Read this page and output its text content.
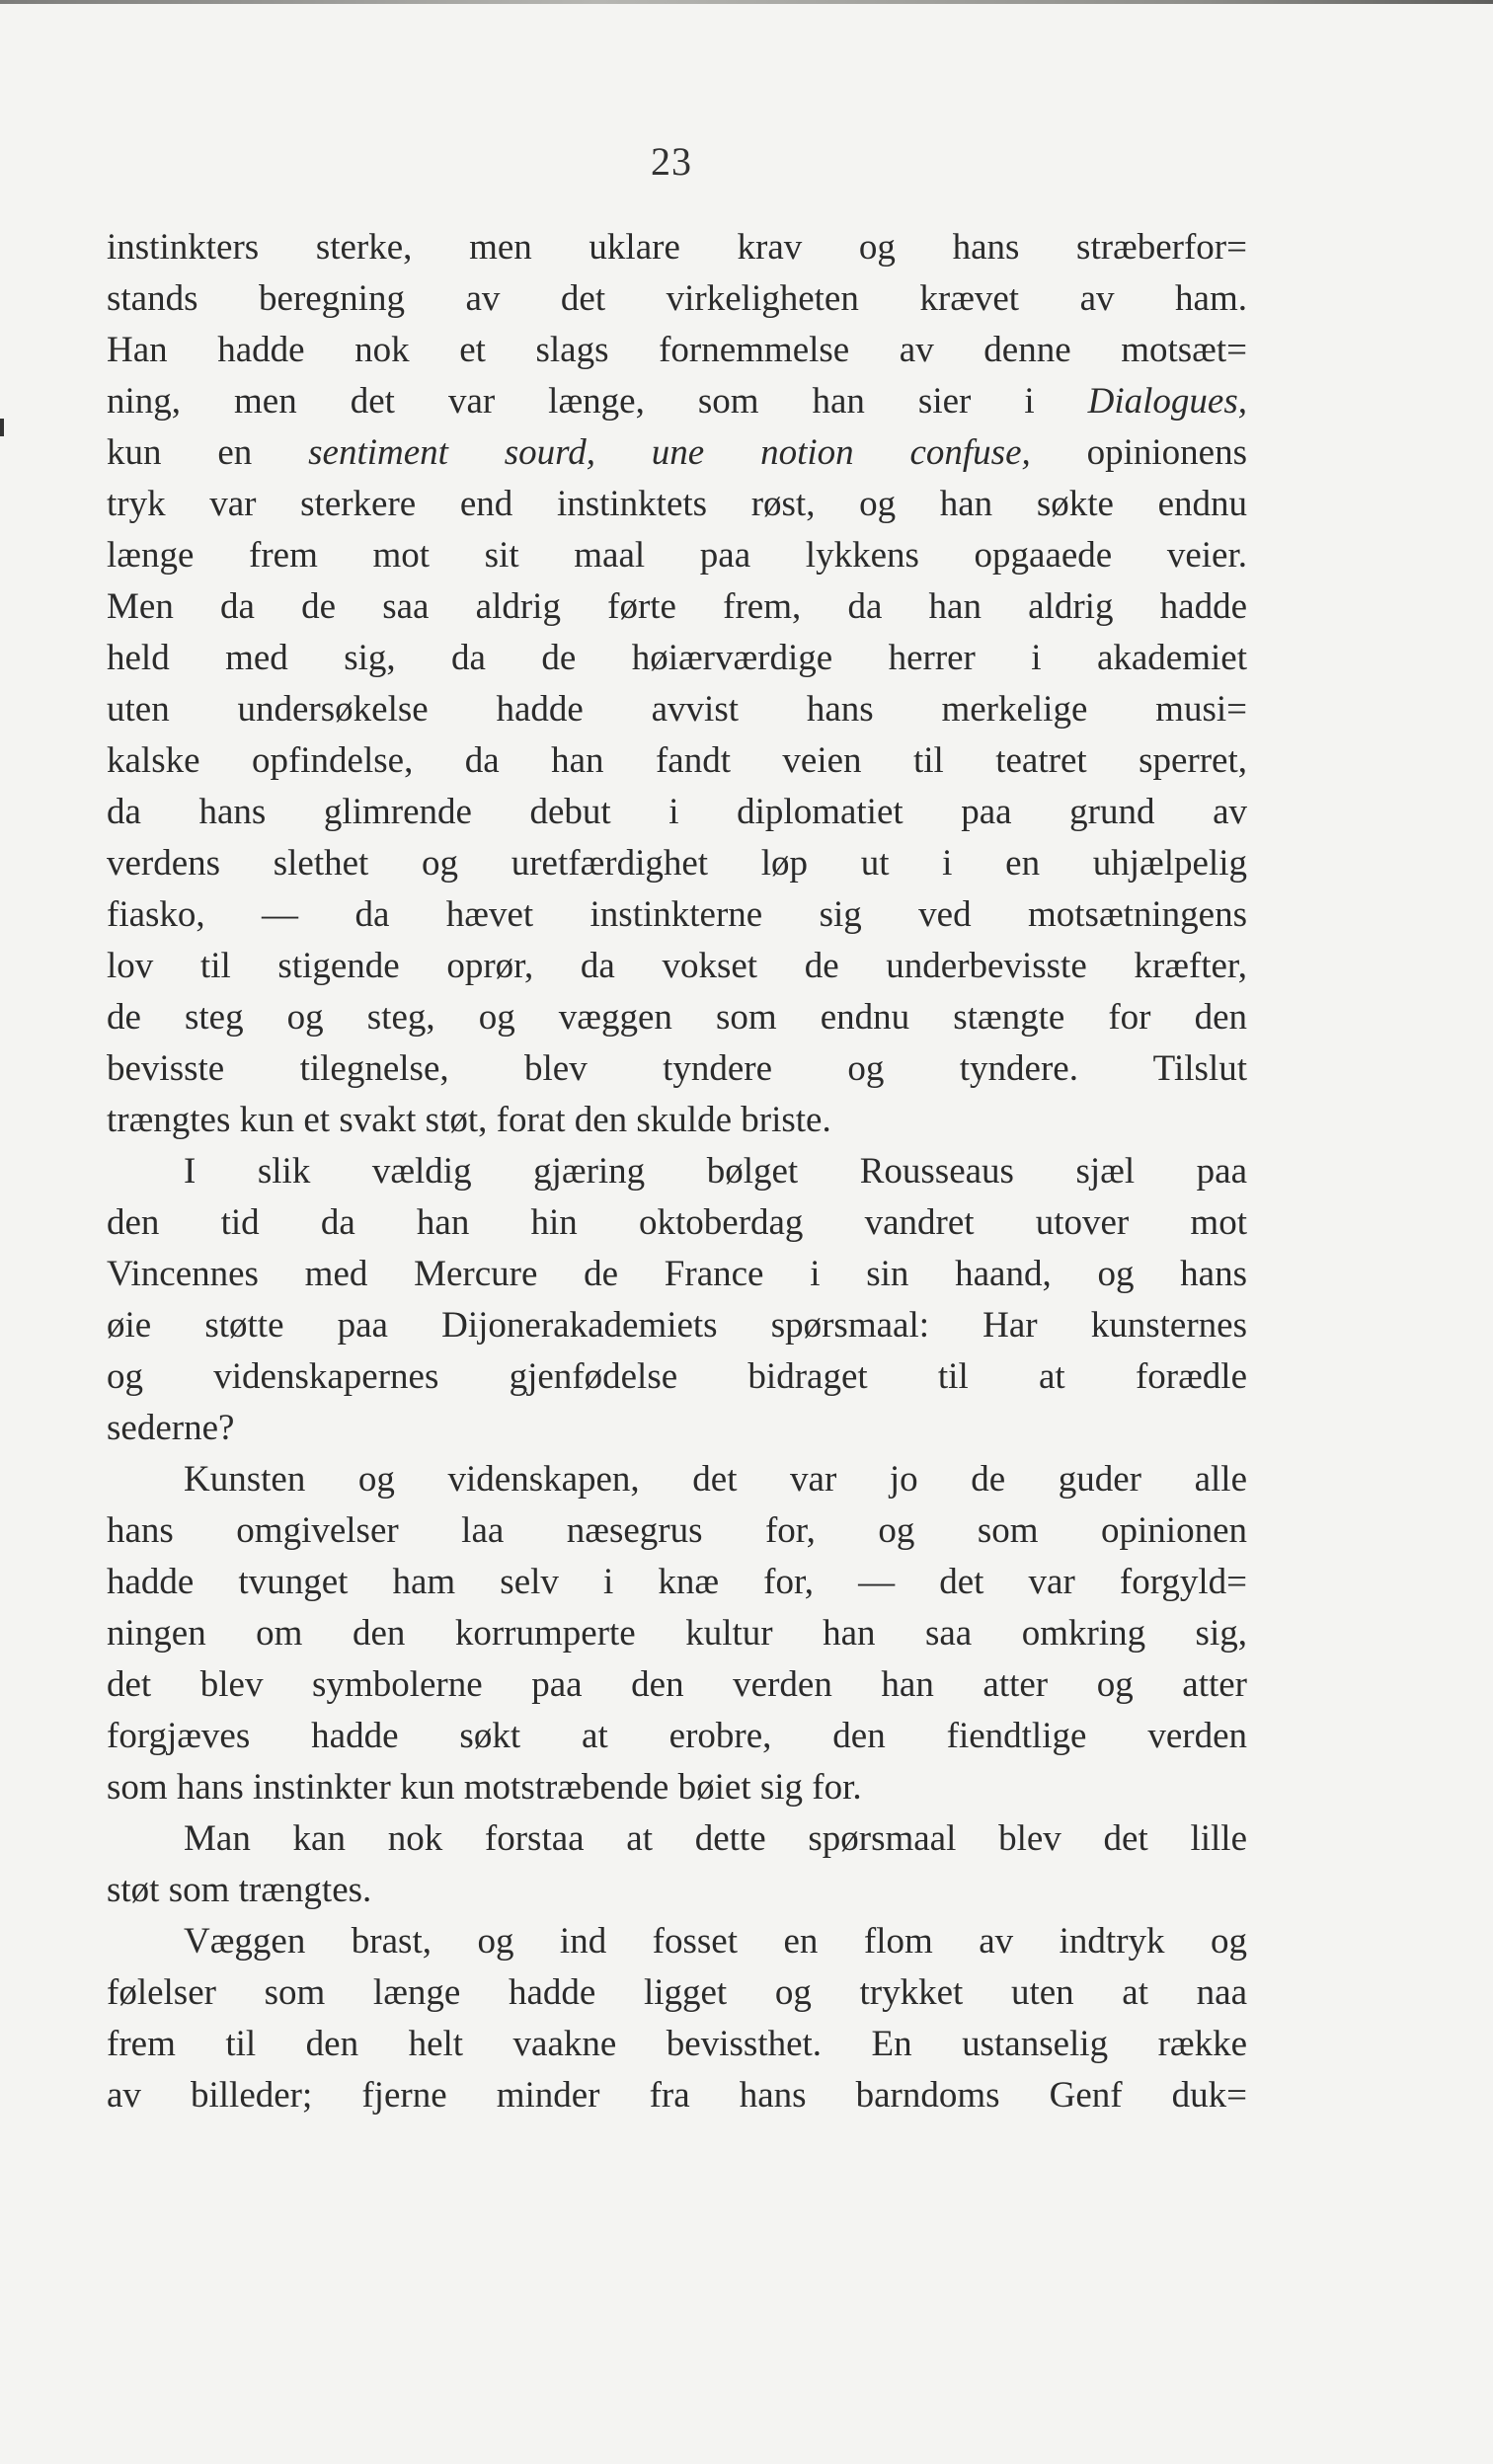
23
instinkters sterke, men uklare krav og hans stræberfor=
stands beregning av det virkeligheten krævet av ham.
Han hadde nok et slags fornemmelse av denne motsæt=
ning, men det var længe, som han sier i Dialogues,
kun en sentiment sourd, une notion confuse, opinionens
tryk var sterkere end instinktets røst, og han søkte endnu
længe frem mot sit maal paa lykkens opgaaede veier.
Men da de saa aldrig førte frem, da han aldrig hadde
held med sig, da de høiærværdige herrer i akademiet
uten undersøkelse hadde avvist hans merkelige musi=
kalske opfindelse, da han fandt veien til teatret sperret,
da hans glimrende debut i diplomatiet paa grund av
verdens slethet og uretfærdighet løp ut i en uhjælpelig
fiasko, — da hævet instinkterne sig ved motsætningens
lov til stigende oprør, da vokset de underbevisste kræfter,
de steg og steg, og væggen som endnu stængte for den
bevisste tilegnelse, blev tyndere og tyndere. Tilslut
trængtes kun et svakt støt, forat den skulde briste.
I slik vældig gjæring bølget Rousseaus sjæl paa
den tid da han hin oktoberdag vandret utover mot
Vincennes med Mercure de France i sin haand, og hans
øie støtte paa Dijonerakademiets spørsmaal: Har kunsternes
og videnskapernes gjenfødelse bidraget til at forædle
sederne?
Kunsten og videnskapen, det var jo de guder alle
hans omgivelser laa næsegrus for, og som opinionen
hadde tvunget ham selv i knæ for, — det var forgyld=
ningen om den korrumperte kultur han saa omkring sig,
det blev symbolerne paa den verden han atter og atter
forgjæves hadde søkt at erobre, den fiendtlige verden
som hans instinkter kun motstræbende bøiet sig for.
Man kan nok forstaa at dette spørsmaal blev det lille
støt som trængtes.
Væggen brast, og ind fosset en flom av indtryk og
følelser som længe hadde ligget og trykket uten at naa
frem til den helt vaakne bevissthet. En ustanselig række
av billeder; fjerne minder fra hans barndoms Genf duk=
